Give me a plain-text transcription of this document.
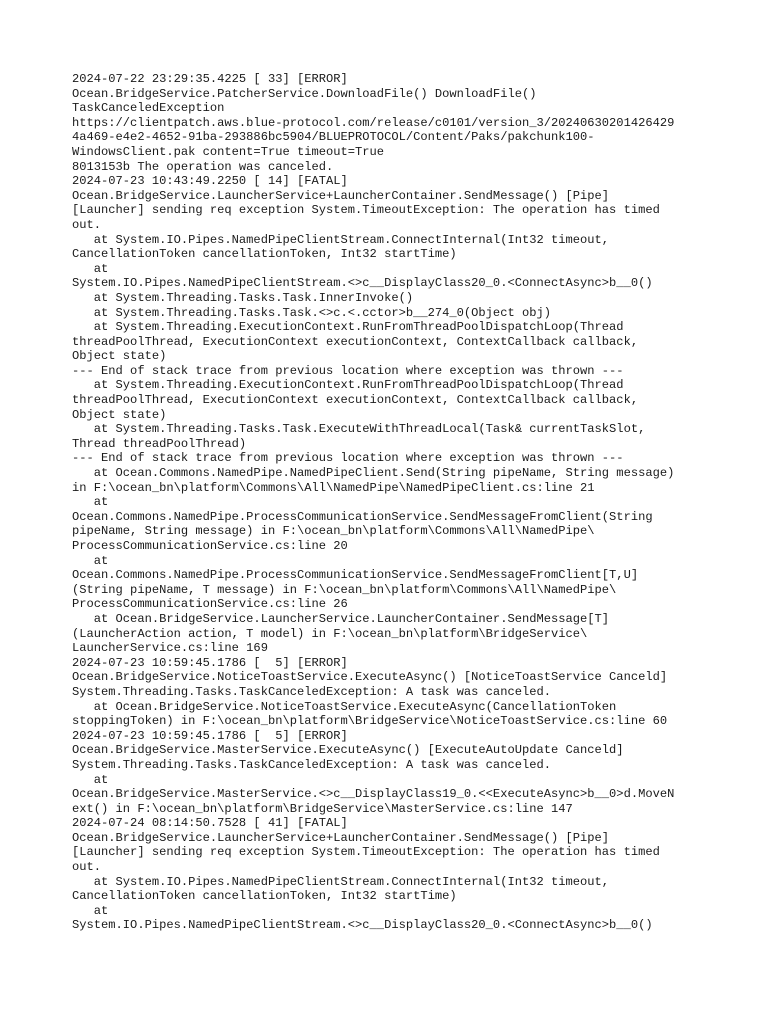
2024-07-22 23:29:35.4225 [ 33] [ERROR]
Ocean.BridgeService.PatcherService.DownloadFile() DownloadFile()
TaskCanceledException
https://clientpatch.aws.blue-protocol.com/release/c0101/version_3/20240630201426429
4a469-e4e2-4652-91ba-293886bc5904/BLUEPROTOCOL/Content/Paks/pakchunk100-
WindowsClient.pak content=True timeout=True
8013153b The operation was canceled.
2024-07-23 10:43:49.2250 [ 14] [FATAL]
Ocean.BridgeService.LauncherService+LauncherContainer.SendMessage() [Pipe]
[Launcher] sending req exception System.TimeoutException: The operation has timed
out.
at System.IO.Pipes.NamedPipeClientStream.ConnectInternal(Int32 timeout,
CancellationToken cancellationToken, Int32 startTime)
at
System.IO.Pipes.NamedPipeClientStream.<>c__DisplayClass20_0.<ConnectAsync>b__0()
at System.Threading.Tasks.Task.InnerInvoke()
at System.Threading.Tasks.Task.<>c.<.cctor>b__274_0(Object obj)
at System.Threading.ExecutionContext.RunFromThreadPoolDispatchLoop(Thread
threadPoolThread, ExecutionContext executionContext, ContextCallback callback,
Object state)
--- End of stack trace from previous location where exception was thrown ---
at System.Threading.ExecutionContext.RunFromThreadPoolDispatchLoop(Thread
threadPoolThread, ExecutionContext executionContext, ContextCallback callback,
Object state)
at System.Threading.Tasks.Task.ExecuteWithThreadLocal(Task& currentTaskSlot,
Thread threadPoolThread)
--- End of stack trace from previous location where exception was thrown ---
at Ocean.Commons.NamedPipe.NamedPipeClient.Send(String pipeName, String message)
in F:\ocean_bn\platform\Commons\All\NamedPipe\NamedPipeClient.cs:line 21
at
Ocean.Commons.NamedPipe.ProcessCommunicationService.SendMessageFromClient(String
pipeName, String message) in F:\ocean_bn\platform\Commons\All\NamedPipe\
ProcessCommunicationService.cs:line 20
at
Ocean.Commons.NamedPipe.ProcessCommunicationService.SendMessageFromClient[T,U]
(String pipeName, T message) in F:\ocean_bn\platform\Commons\All\NamedPipe\
ProcessCommunicationService.cs:line 26
at Ocean.BridgeService.LauncherService.LauncherContainer.SendMessage[T]
(LauncherAction action, T model) in F:\ocean_bn\platform\BridgeService\
LauncherService.cs:line 169
2024-07-23 10:59:45.1786 [  5] [ERROR]
Ocean.BridgeService.NoticeToastService.ExecuteAsync() [NoticeToastService Canceld]
System.Threading.Tasks.TaskCanceledException: A task was canceled.
at Ocean.BridgeService.NoticeToastService.ExecuteAsync(CancellationToken
stoppingToken) in F:\ocean_bn\platform\BridgeService\NoticeToastService.cs:line 60
2024-07-23 10:59:45.1786 [  5] [ERROR]
Ocean.BridgeService.MasterService.ExecuteAsync() [ExecuteAutoUpdate Canceld]
System.Threading.Tasks.TaskCanceledException: A task was canceled.
at
Ocean.BridgeService.MasterService.<>c__DisplayClass19_0.<<ExecuteAsync>b__0>d.MoveN
ext() in F:\ocean_bn\platform\BridgeService\MasterService.cs:line 147
2024-07-24 08:14:50.7528 [ 41] [FATAL]
Ocean.BridgeService.LauncherService+LauncherContainer.SendMessage() [Pipe]
[Launcher] sending req exception System.TimeoutException: The operation has timed
out.
at System.IO.Pipes.NamedPipeClientStream.ConnectInternal(Int32 timeout,
CancellationToken cancellationToken, Int32 startTime)
at
System.IO.Pipes.NamedPipeClientStream.<>c__DisplayClass20_0.<ConnectAsync>b__0()
